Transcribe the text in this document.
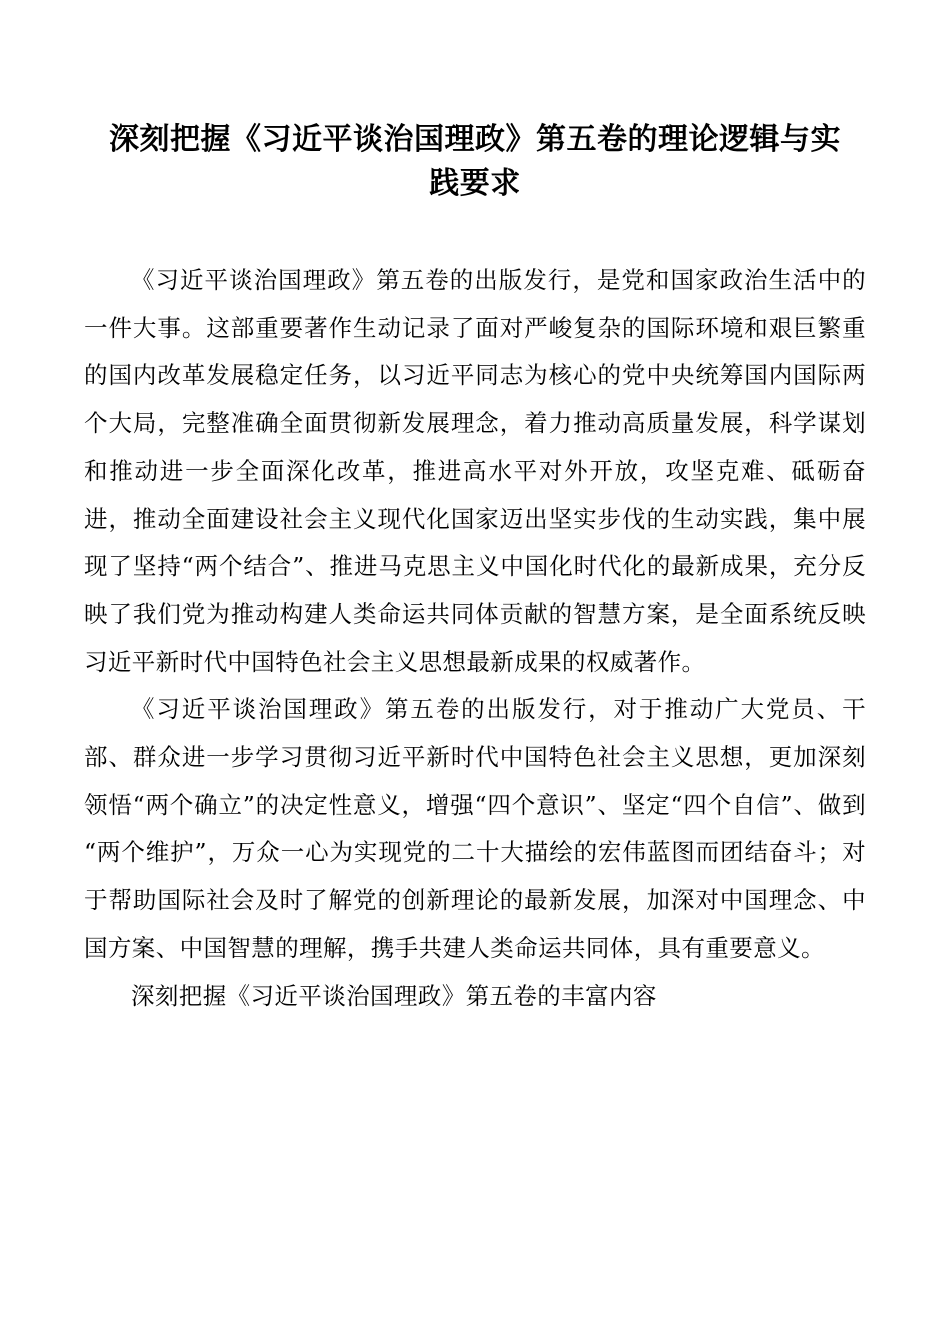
深刻把握《习近平谈治国理政》第五卷的理论逻辑与实践要求

《习近平谈治国理政》第五卷的出版发行，是党和国家政治生活中的一件大事。这部重要著作生动记录了面对严峻复杂的国际环境和艰巨繁重的国内改革发展稳定任务，以习近平同志为核心的党中央统筹国内国际两个大局，完整准确全面贯彻新发展理念，着力推动高质量发展，科学谋划和推动进一步全面深化改革，推进高水平对外开放，攻坚克难、砥砺奋进，推动全面建设社会主义现代化国家迈出坚实步伐的生动实践，集中展现了坚持“两个结合”、推进马克思主义中国化时代化的最新成果，充分反映了我们党为推动构建人类命运共同体贡献的智慧方案，是全面系统反映习近平新时代中国特色社会主义思想最新成果的权威著作。

《习近平谈治国理政》第五卷的出版发行，对于推动广大党员、干部、群众进一步学习贯彻习近平新时代中国特色社会主义思想，更加深刻领悟“两个确立”的决定性意义，增强“四个意识”、坚定“四个自信”、做到“两个维护”，万众一心为实现党的二十大描绘的宏伟蓝图而团结奋斗；对于帮助国际社会及时了解党的创新理论的最新发展，加深对中国理念、中国方案、中国智慧的理解，携手共建人类命运共同体，具有重要意义。

深刻把握《习近平谈治国理政》第五卷的丰富内容
